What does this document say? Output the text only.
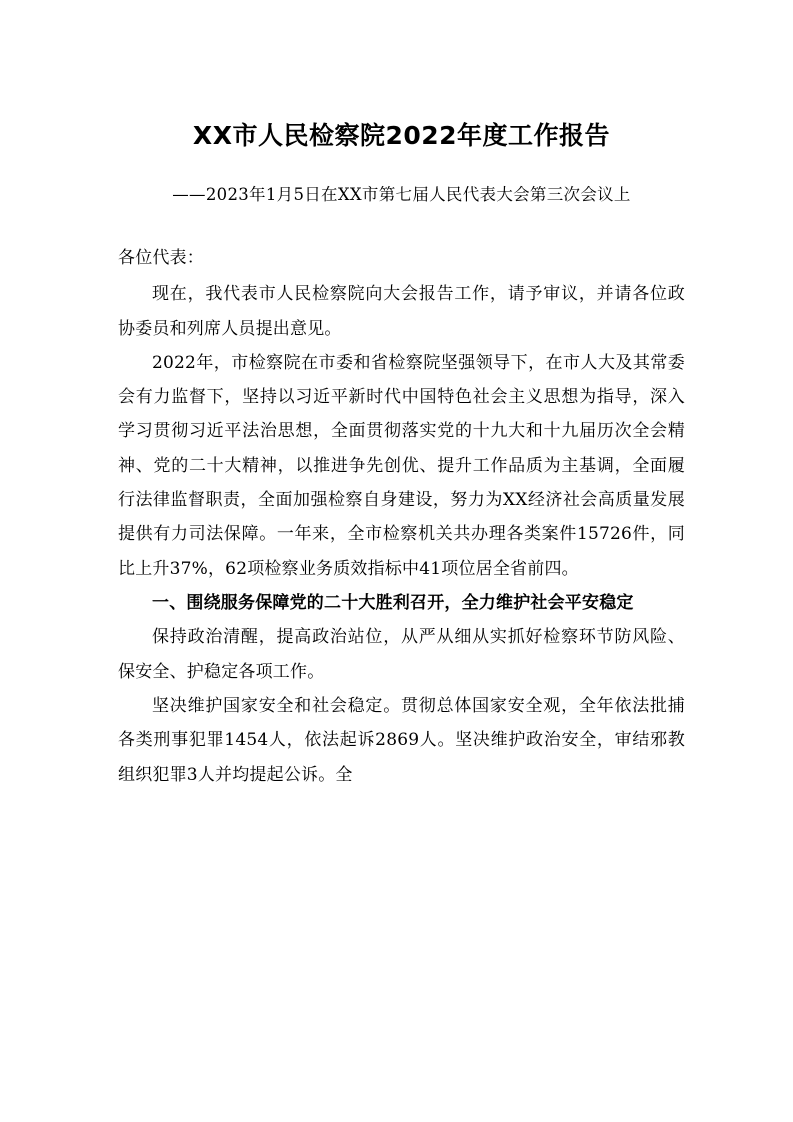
XX市人民检察院2022年度工作报告
——2023年1月5日在XX市第七届人民代表大会第三次会议上
各位代表：

现在，我代表市人民检察院向大会报告工作，请予审议，并请各位政协委员和列席人员提出意见。

2022年，市检察院在市委和省检察院坚强领导下，在市人大及其常委会有力监督下，坚持以习近平新时代中国特色社会主义思想为指导，深入学习贯彻习近平法治思想，全面贯彻落实党的十九大和十九届历次全会精神、党的二十大精神，以推进争先创优、提升工作品质为主基调，全面履行法律监督职责，全面加强检察自身建设，努力为XX经济社会高质量发展提供有力司法保障。一年来，全市检察机关共办理各类案件15726件，同比上升37%，62项检察业务质效指标中41项位居全省前四。

一、围绕服务保障党的二十大胜利召开，全力维护社会平安稳定

保持政治清醒，提高政治站位，从严从细从实抓好检察环节防风险、保安全、护稳定各项工作。

坚决维护国家安全和社会稳定。贯彻总体国家安全观，全年依法批捕各类刑事犯罪1454人，依法起诉2869人。坚决维护政治安全，审结邪教组织犯罪3人并均提起公诉。全
